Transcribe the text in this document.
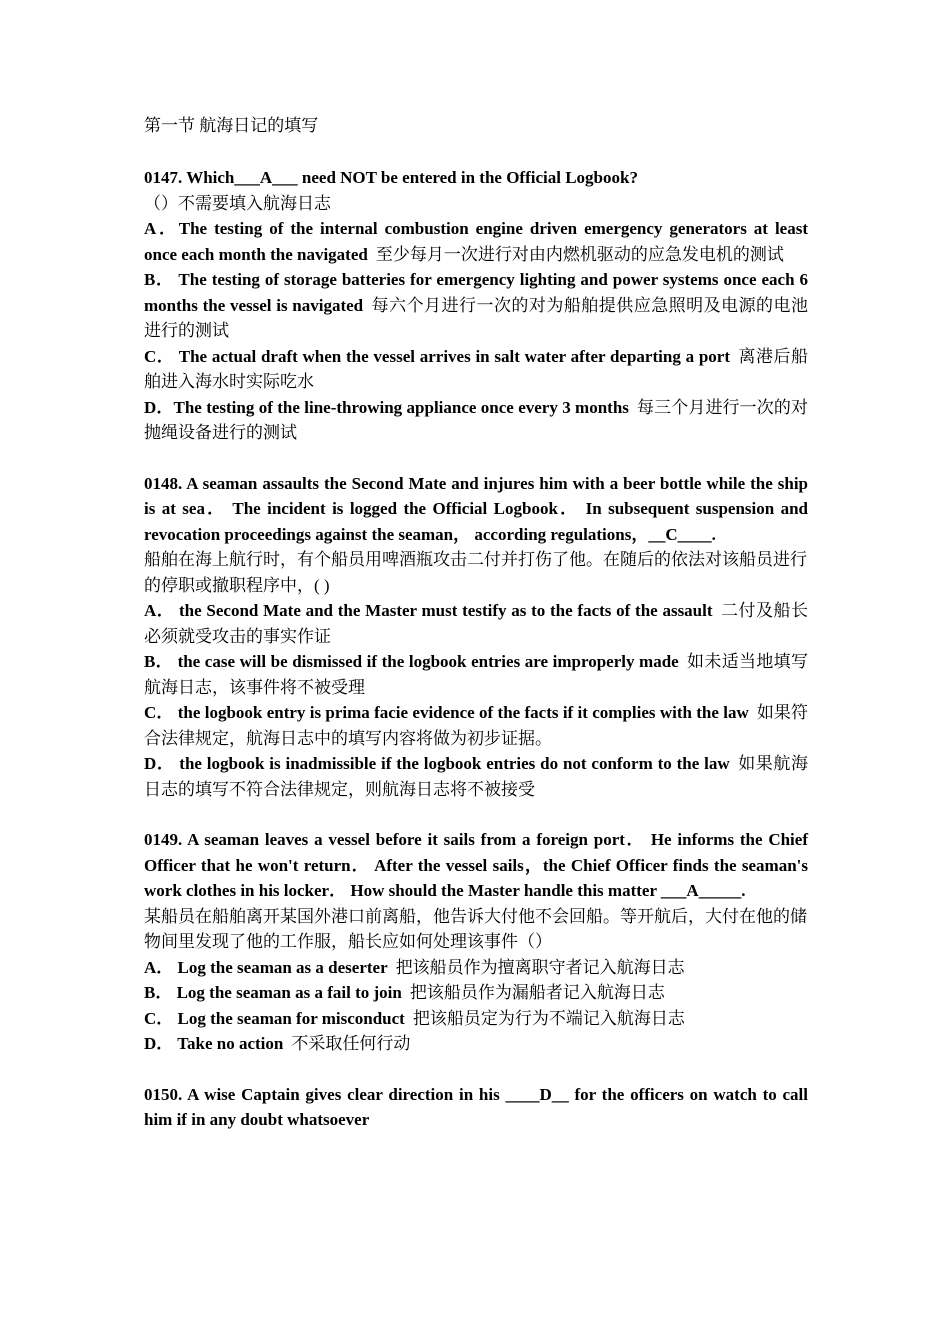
第一节 航海日记的填写
0147. Which___A___ need NOT be entered in the Official Logbook?
（）不需要填入航海日志
A．The testing of the internal combustion engine driven emergency generators at least once each month the navigated 至少每月一次进行对由内燃机驱动的应急发电机的测试
B． The testing of storage batteries for emergency lighting and power systems once each 6 months the vessel is navigated 每六个月进行一次的对为船舶提供应急照明及电源的电池进行的测试
C． The actual draft when the vessel arrives in salt water after departing a port 离港后船舶进入海水时实际吃水
D．The testing of the line-throwing appliance once every 3 months 每三个月进行一次的对抛绳设备进行的测试
0148. A seaman assaults the Second Mate and injures him with a beer bottle while the ship is at sea． The incident is logged the Official Logbook． In subsequent suspension and revocation proceedings against the seaman， according regulations，__C____.
船舶在海上航行时，有个船员用啤酒瓶攻击二付并打伤了他。在随后的依法对该船员进行的停职或撤职程序中，( )
A． the Second Mate and the Master must testify as to the facts of the assault 二付及船长必须就受攻击的事实作证
B． the case will be dismissed if the logbook entries are improperly made 如未适当地填写航海日志，该事件将不被受理
C． the logbook entry is prima facie evidence of the facts if it complies with the law 如果符合法律规定，航海日志中的填写内容将做为初步证据。
D． the logbook is inadmissible if the logbook entries do not conform to the law 如果航海日志的填写不符合法律规定，则航海日志将不被接受
0149. A seaman leaves a vessel before it sails from a foreign port． He informs the Chief Officer that he won't return． After the vessel sails，the Chief Officer finds the seaman's work clothes in his locker． How should the Master handle this matter ___A_____.
某船员在船舶离开某国外港口前离船，他告诉大付他不会回船。等开航后，大付在他的储物间里发现了他的工作服，船长应如何处理该事件（）
A． Log the seaman as a deserter 把该船员作为擅离职守者记入航海日志
B． Log the seaman as a fail to join 把该船员作为漏船者记入航海日志
C． Log the seaman for misconduct 把该船员定为行为不端记入航海日志
D． Take no action 不采取任何行动
0150. A wise Captain gives clear direction in his ____D__ for the officers on watch to call him if in any doubt whatsoever
